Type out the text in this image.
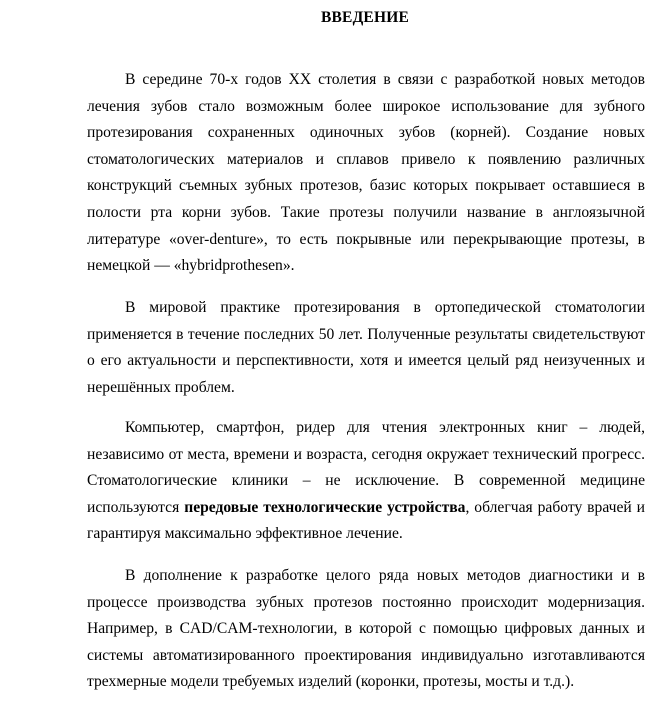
ВВЕДЕНИЕ

В середине 70-х годов XX столетия в связи с разработкой новых методов лечения зубов стало возможным более широкое использование для зубного протезирования сохраненных одиночных зубов (корней). Создание новых стоматологических материалов и сплавов привело к появлению различных конструкций съемных зубных протезов, базис которых покрывает оставшиеся в полости рта корни зубов. Такие протезы получили название в англоязычной литературе «over-denture», то есть покрывные или перекрывающие протезы, в немецкой — «hybridprothesen».

В мировой практике протезирования в ортопедической стоматологии применяется в течение последних 50 лет. Полученные результаты свидетельствуют о его актуальности и перспективности, хотя и имеется целый ряд неизученных и нерешённых проблем.

Компьютер, смартфон, ридер для чтения электронных книг – людей, независимо от места, времени и возраста, сегодня окружает технический прогресс. Стоматологические клиники – не исключение. В современной медицине используются передовые технологические устройства, облегчая работу врачей и гарантируя максимально эффективное лечение.

В дополнение к разработке целого ряда новых методов диагностики и в процессе производства зубных протезов постоянно происходит модернизация. Например, в CAD/CAM-технологии, в которой с помощью цифровых данных и системы автоматизированного проектирования индивидуально изготавливаются трехмерные модели требуемых изделий (коронки, протезы, мосты и т.д.).
